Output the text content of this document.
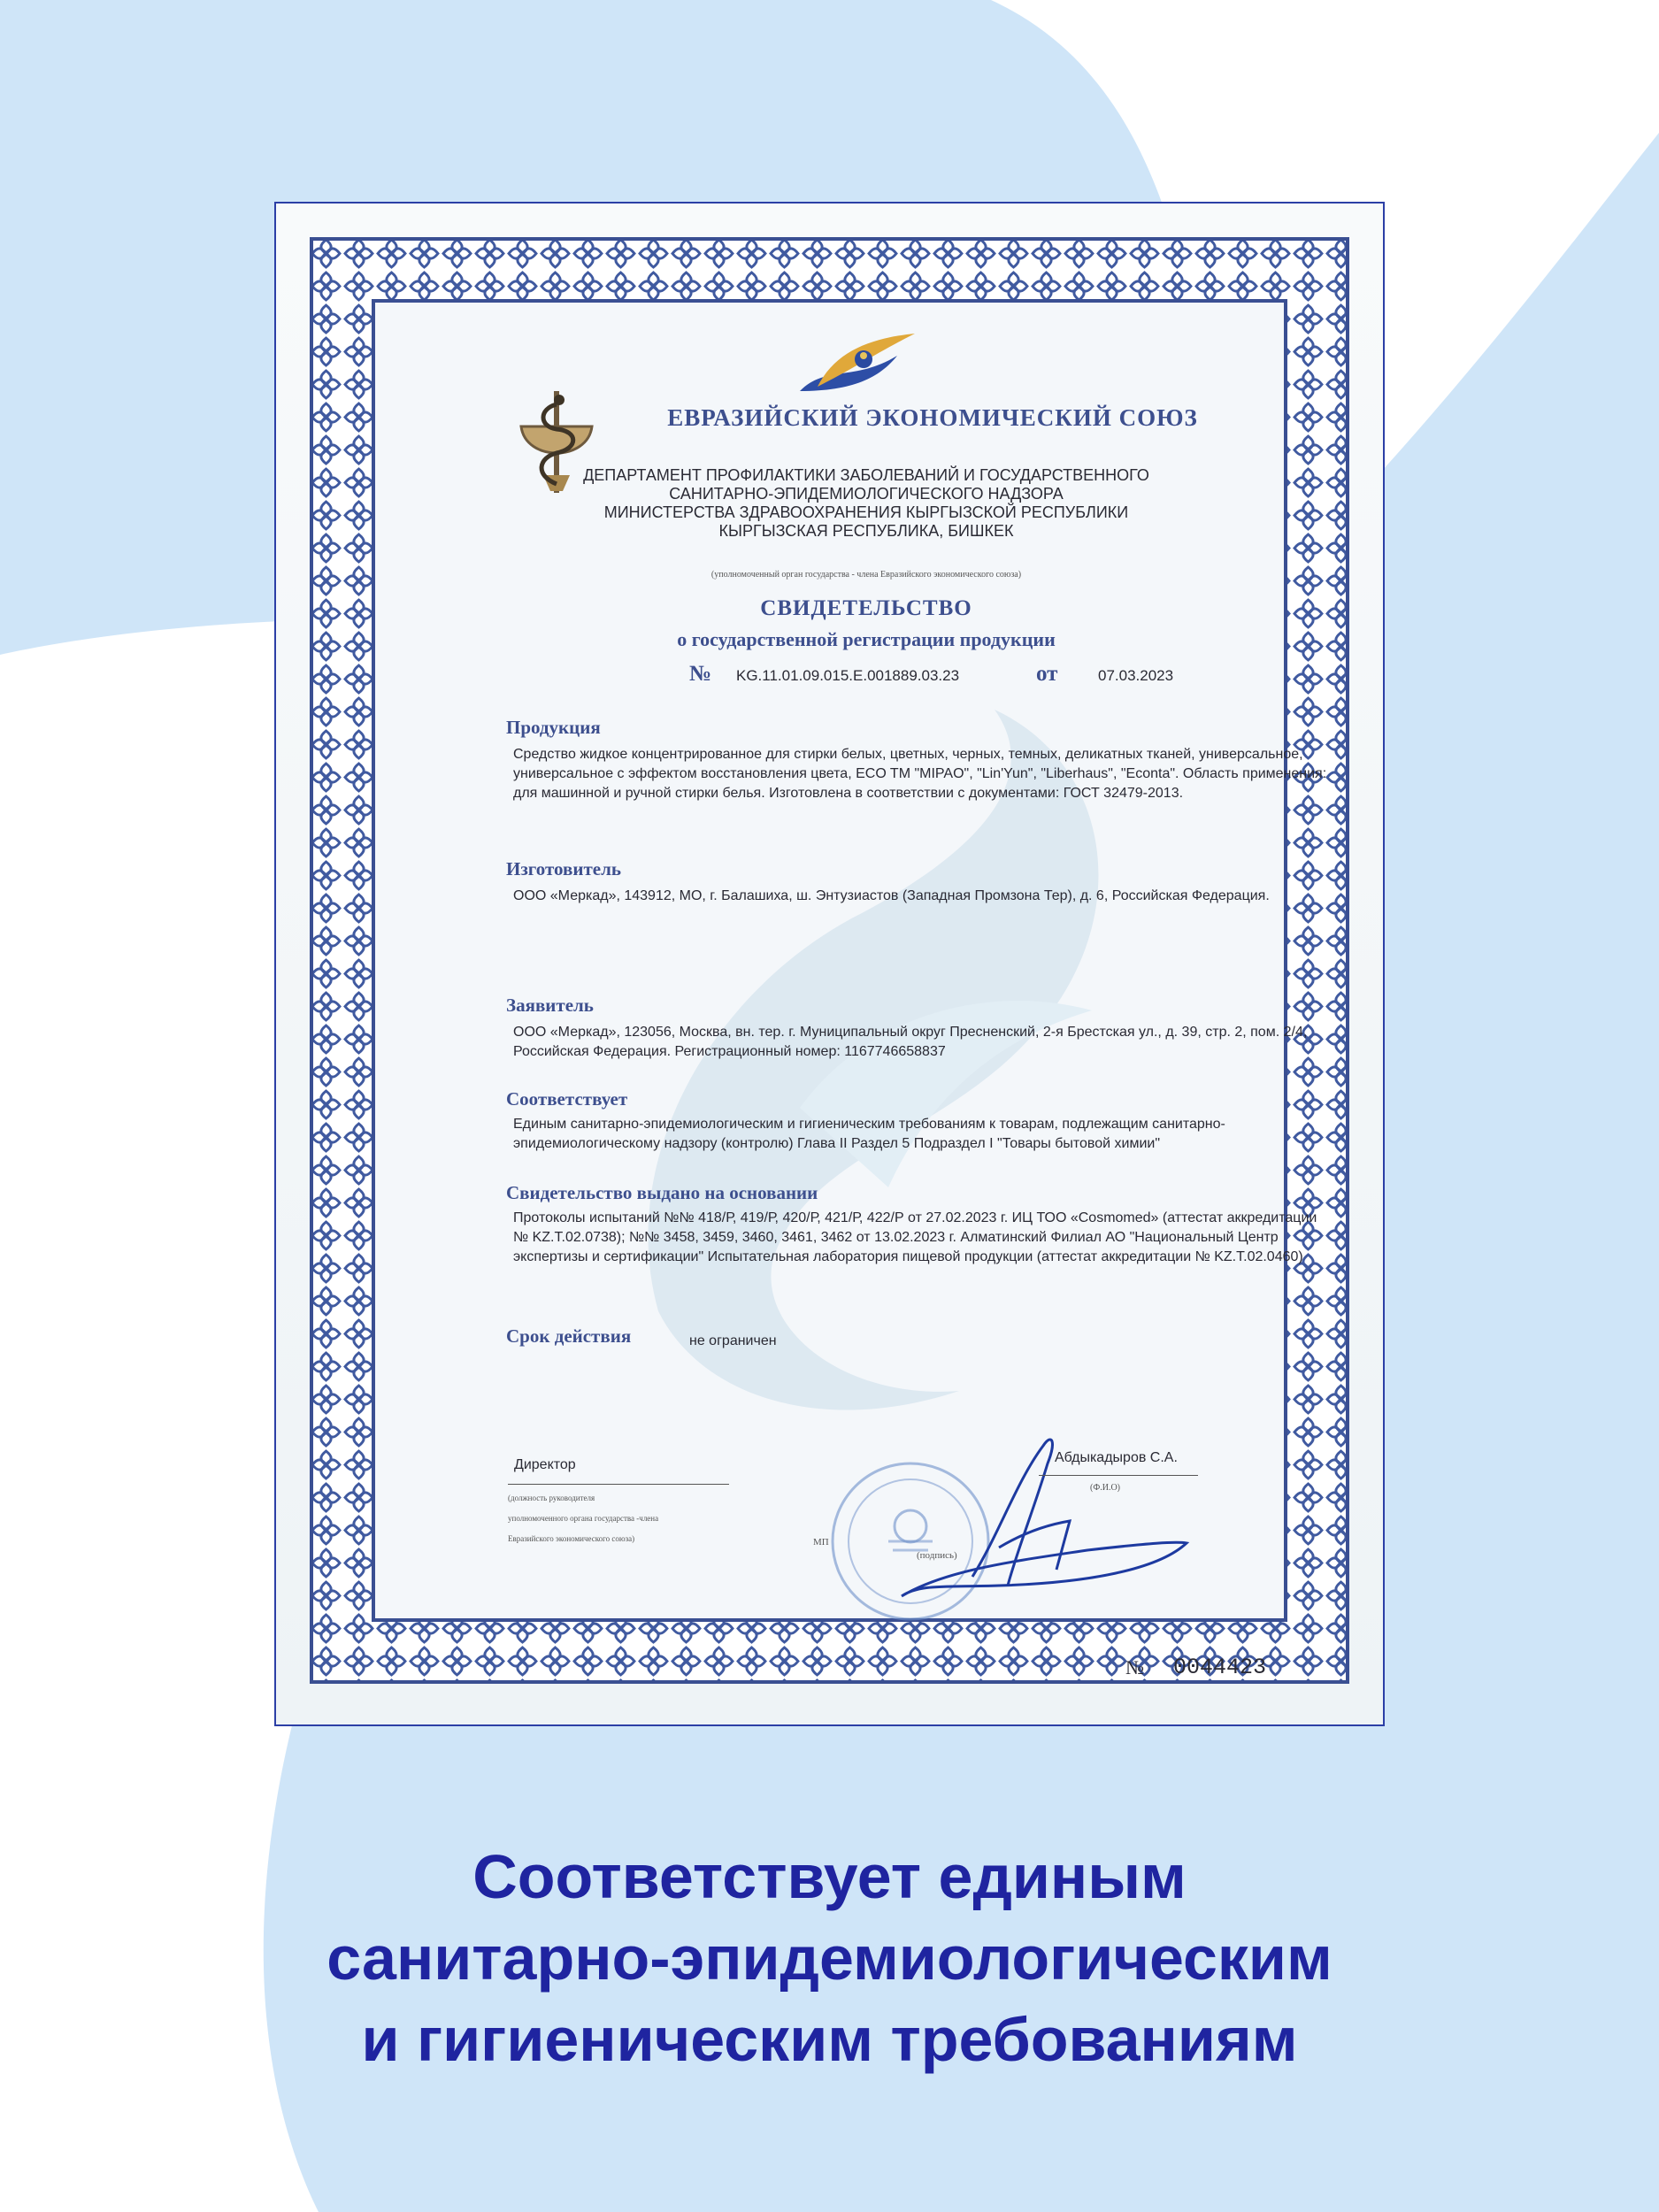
ЕВРАЗИЙСКИЙ ЭКОНОМИЧЕСКИЙ СОЮЗ
ДЕПАРТАМЕНТ ПРОФИЛАКТИКИ ЗАБОЛЕВАНИЙ И ГОСУДАРСТВЕННОГО
САНИТАРНО-ЭПИДЕМИОЛОГИЧЕСКОГО НАДЗОРА
МИНИСТЕРСТВА ЗДРАВООХРАНЕНИЯ КЫРГЫЗСКОЙ РЕСПУБЛИКИ
КЫРГЫЗСКАЯ РЕСПУБЛИКА, БИШКЕК
(уполномоченный орган государства - члена Евразийского экономического союза)
СВИДЕТЕЛЬСТВО
о государственной регистрации продукции
№ KG.11.01.09.015.Е.001889.03.23	от	07.03.2023
Продукция
Средство жидкое концентрированное для стирки белых, цветных, черных, темных, деликатных тканей, универсальное, универсальное с эффектом восстановления цвета, ECO TM "MIPAO", "Lin'Yun", "Liberhaus", "Econta". Область применения: для машинной и ручной стирки белья. Изготовлена в соответствии с документами: ГОСТ 32479-2013.
Изготовитель
ООО «Меркад», 143912, МО, г. Балашиха, ш. Энтузиастов (Западная Промзона Тер), д. 6, Российская Федерация.
Заявитель
ООО «Меркад», 123056, Москва, вн. тер. г. Муниципальный округ Пресненский, 2-я Брестская ул., д. 39, стр. 2, пом. 2/4, Российская Федерация. Регистрационный номер: 1167746658837
Соответствует
Единым санитарно-эпидемиологическим и гигиеническим требованиям к товарам, подлежащим санитарно-эпидемиологическому надзору (контролю) Глава II Раздел 5 Подраздел I "Товары бытовой химии"
Свидетельство выдано на основании
Протоколы испытаний №№ 418/Р, 419/Р, 420/Р, 421/Р, 422/Р от 27.02.2023 г. ИЦ ТОО «Cosmomed» (аттестат аккредитации № KZ.T.02.0738); №№ 3458, 3459, 3460, 3461, 3462 от 13.02.2023 г. Алматинский Филиал АО "Национальный Центр экспертизы и сертификации" Испытательная лаборатория пищевой продукции (аттестат аккредитации № KZ.T.02.0460)
Срок действия	не ограничен
Директор
(должность руководителя
уполномоченного органа государства -члена
Евразийского экономического союза)	МП
(подпись)
Абдыкадыров С.А.
(Ф.И.О)
№ 0044423
Соответствует единым
санитарно-эпидемиологическим
и гигиеническим требованиям
